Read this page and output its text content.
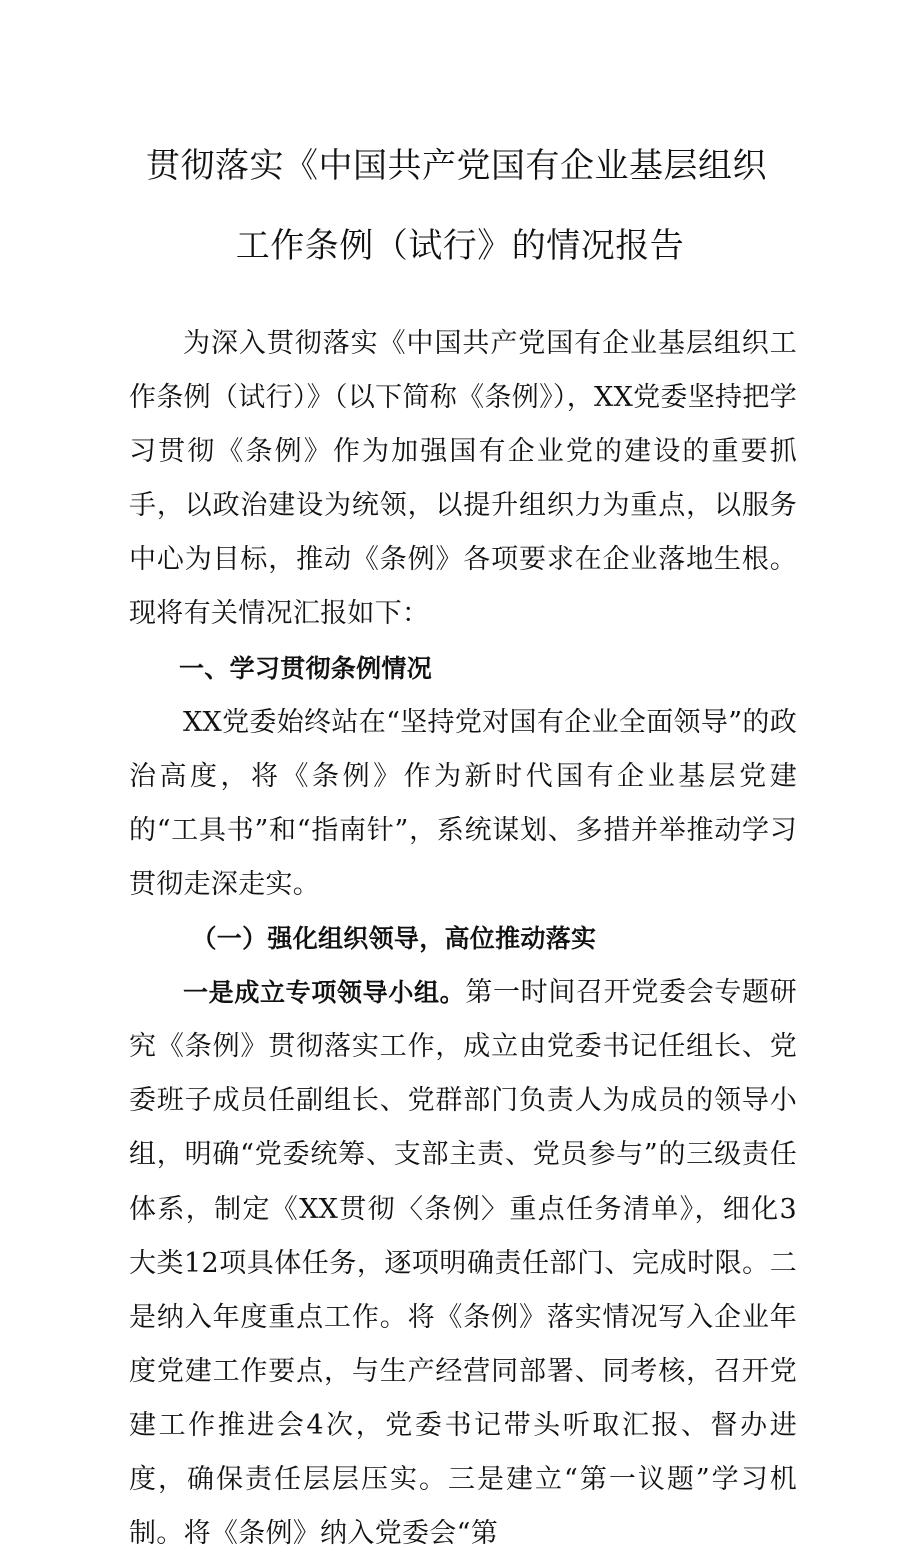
贯彻落实《中国共产党国有企业基层组织
工作条例（试行》的情况报告

为深入贯彻落实《中国共产党国有企业基层组织工作条例（试行）》（以下简称《条例》），XX党委坚持把学习贯彻《条例》作为加强国有企业党的建设的重要抓手，以政治建设为统领，以提升组织力为重点，以服务中心为目标，推动《条例》各项要求在企业落地生根。现将有关情况汇报如下：

一、学习贯彻条例情况

XX党委始终站在“坚持党对国有企业全面领导”的政治高度，将《条例》作为新时代国有企业基层党建的“工具书”和“指南针”，系统谋划、多措并举推动学习贯彻走深走实。

（一）强化组织领导，高位推动落实

一是成立专项领导小组。第一时间召开党委会专题研究《条例》贯彻落实工作，成立由党委书记任组长、党委班子成员任副组长、党群部门负责人为成员的领导小组，明确“党委统筹、支部主责、党员参与”的三级责任体系，制定《XX贯彻〈条例〉重点任务清单》，细化3大类12项具体任务，逐项明确责任部门、完成时限。二是纳入年度重点工作。将《条例》落实情况写入企业年度党建工作要点，与生产经营同部署、同考核，召开党建工作推进会4次，党委书记带头听取汇报、督办进度，确保责任层层压实。三是建立“第一议题”学习机制。将《条例》纳入党委会“第
